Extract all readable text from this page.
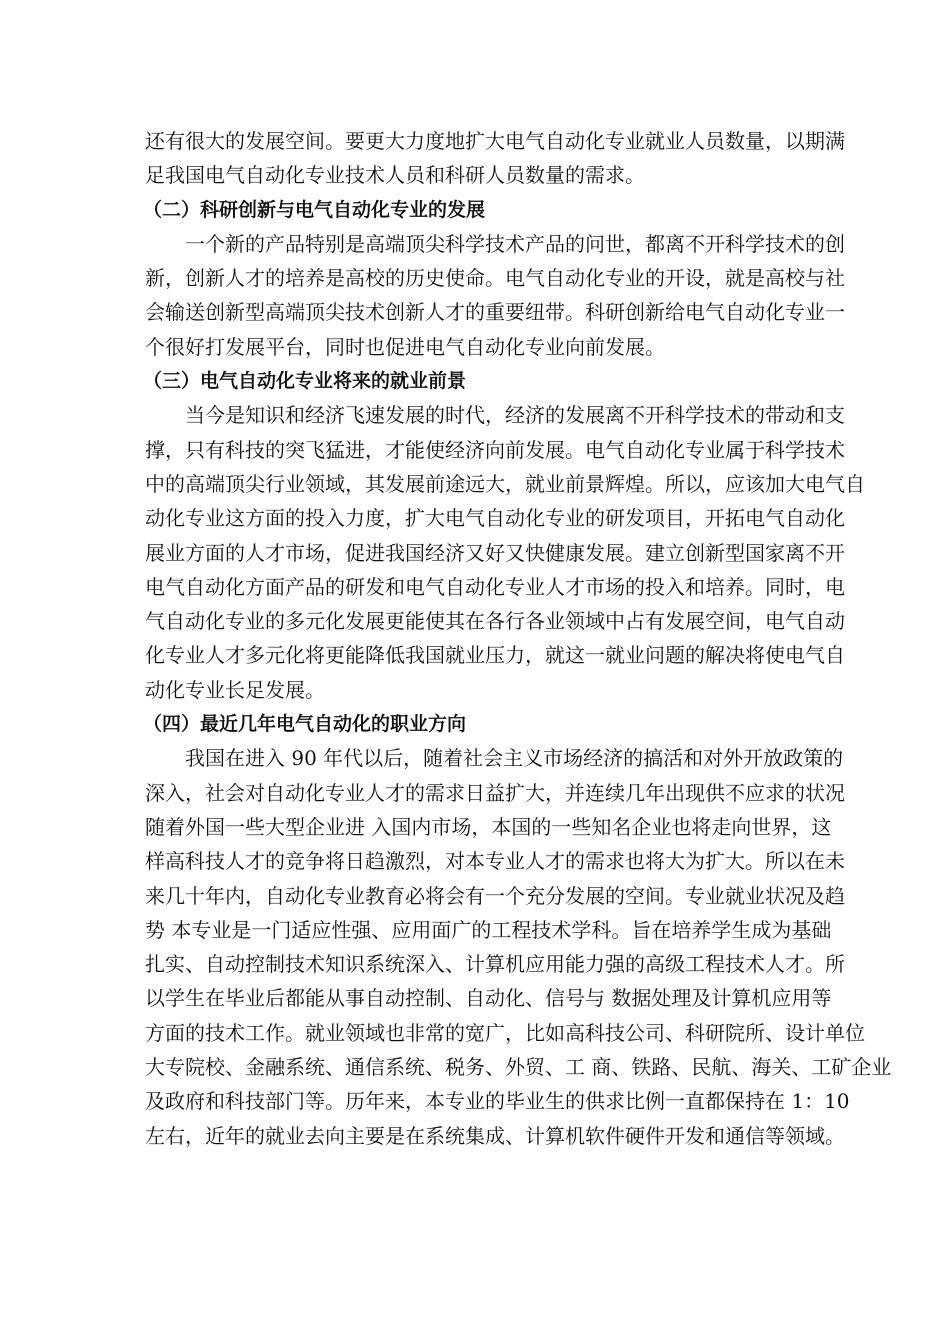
还有很大的发展空间。要更大力度地扩大电气自动化专业就业人员数量，以期满
足我国电气自动化专业技术人员和科研人员数量的需求。
（二）科研创新与电气自动化专业的发展
一个新的产品特别是高端顶尖科学技术产品的问世，都离不开科学技术的创
新，创新人才的培养是高校的历史使命。电气自动化专业的开设，就是高校与社
会输送创新型高端顶尖技术创新人才的重要纽带。科研创新给电气自动化专业一
个很好打发展平台，同时也促进电气自动化专业向前发展。
（三）电气自动化专业将来的就业前景
当今是知识和经济飞速发展的时代，经济的发展离不开科学技术的带动和支
撑，只有科技的突飞猛进，才能使经济向前发展。电气自动化专业属于科学技术
中的高端顶尖行业领域，其发展前途远大，就业前景辉煌。所以，应该加大电气自
动化专业这方面的投入力度，扩大电气自动化专业的研发项目，开拓电气自动化
展业方面的人才市场，促进我国经济又好又快健康发展。建立创新型国家离不开
电气自动化方面产品的研发和电气自动化专业人才市场的投入和培养。同时，电
气自动化专业的多元化发展更能使其在各行各业领域中占有发展空间，电气自动
化专业人才多元化将更能降低我国就业压力，就这一就业问题的解决将使电气自
动化专业长足发展。
（四）最近几年电气自动化的职业方向
我国在进入 90 年代以后，随着社会主义市场经济的搞活和对外开放政策的
深入，社会对自动化专业人才的需求日益扩大，并连续几年出现供不应求的状况
随着外国一些大型企业进 入国内市场，本国的一些知名企业也将走向世界，这
样高科技人才的竞争将日趋激烈，对本专业人才的需求也将大为扩大。所以在未
来几十年内，自动化专业教育必将会有一个充分发展的空间。专业就业状况及趋
势 本专业是一门适应性强、应用面广的工程技术学科。旨在培养学生成为基础
扎实、自动控制技术知识系统深入、计算机应用能力强的高级工程技术人才。所
以学生在毕业后都能从事自动控制、自动化、信号与 数据处理及计算机应用等
方面的技术工作。就业领域也非常的宽广，比如高科技公司、科研院所、设计单位
大专院校、金融系统、通信系统、税务、外贸、工 商、铁路、民航、海关、工矿企业
及政府和科技部门等。历年来，本专业的毕业生的供求比例一直都保持在 1：10
左右，近年的就业去向主要是在系统集成、计算机软件硬件开发和通信等领域。
